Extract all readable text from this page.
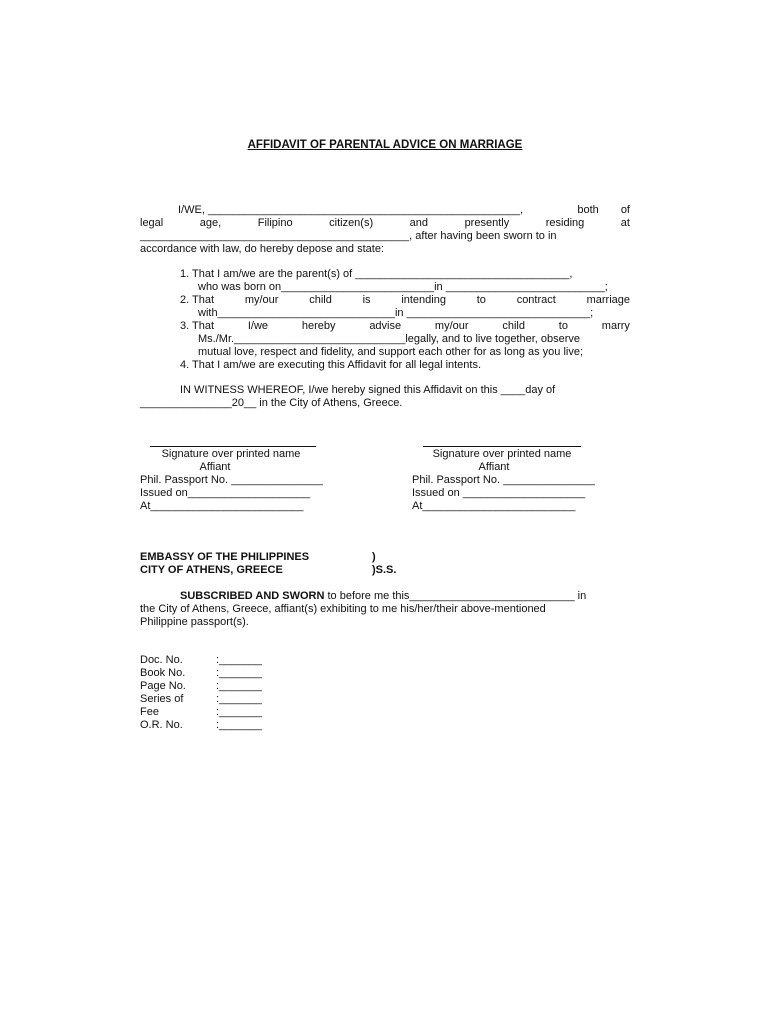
AFFIDAVIT OF PARENTAL ADVICE ON MARRIAGE
I/WE, ___________________________________________________,	both of
legal	age,	Filipino	citizen(s)	and	presently	residing	at
____________________________________________, after having been sworn to in
accordance with law, do hereby depose and state:
1. That I am/we are the parent(s) of ___________________________________,
who was born on_________________________in __________________________;
2. That	my/our	child	is	intending	to	contract	marriage
with_____________________________in ______________________________;
3. That	I/we	hereby	advise	my/our	child	to	marry
Ms./Mr.____________________________legally, and to live together, observe
mutual love, respect and fidelity, and support each other for as long as you live;
4. That I am/we are executing this Affidavit for all legal intents.
IN WITNESS WHEREOF, I/we hereby signed this Affidavit on this ____day of
_______________20__ in the City of Athens, Greece.
Signature over printed name
Affiant
Phil. Passport No. _______________
Issued on____________________
At_________________________
Signature over printed name
Affiant
Phil. Passport No. _______________
Issued on ____________________
At_________________________
EMBASSY OF THE PHILIPPINES	)
CITY OF ATHENS, GREECE	)S.S.
SUBSCRIBED AND SWORN to before me this___________________________ in
the City of Athens, Greece, affiant(s) exhibiting to me his/her/their above-mentioned
Philippine passport(s).
Doc. No.	:_______
Book No.	:_______
Page No.	:_______
Series of	:_______
Fee	:_______
O.R. No.	:_______
